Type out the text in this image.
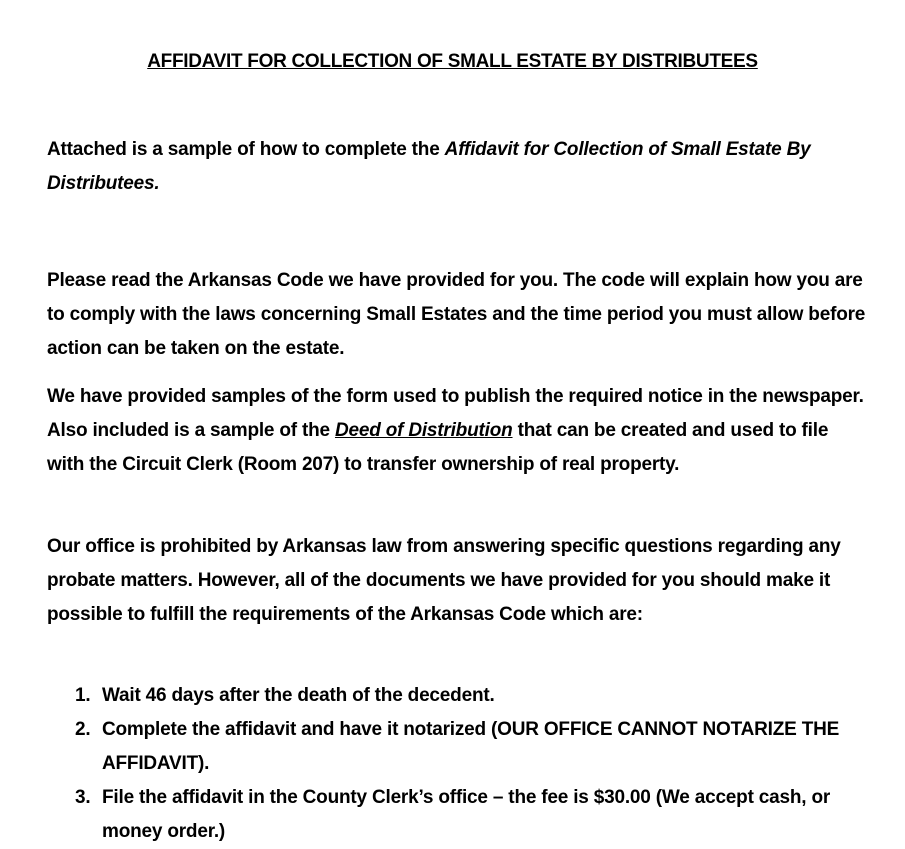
AFFIDAVIT FOR COLLECTION OF SMALL ESTATE BY DISTRIBUTEES
Attached is a sample of how to complete the Affidavit for Collection of Small Estate By Distributees.
Please read the Arkansas Code we have provided for you. The code will explain how you are to comply with the laws concerning Small Estates and the time period you must allow before action can be taken on the estate.
We have provided samples of the form used to publish the required notice in the newspaper. Also included is a sample of the Deed of Distribution that can be created and used to file with the Circuit Clerk (Room 207) to transfer ownership of real property.
Our office is prohibited by Arkansas law from answering specific questions regarding any probate matters. However, all of the documents we have provided for you should make it possible to fulfill the requirements of the Arkansas Code which are:
1. Wait 46 days after the death of the decedent.
2. Complete the affidavit and have it notarized (OUR OFFICE CANNOT NOTARIZE THE AFFIDAVIT).
3. File the affidavit in the County Clerk’s office – the fee is $30.00 (We accept cash, or money order.)
